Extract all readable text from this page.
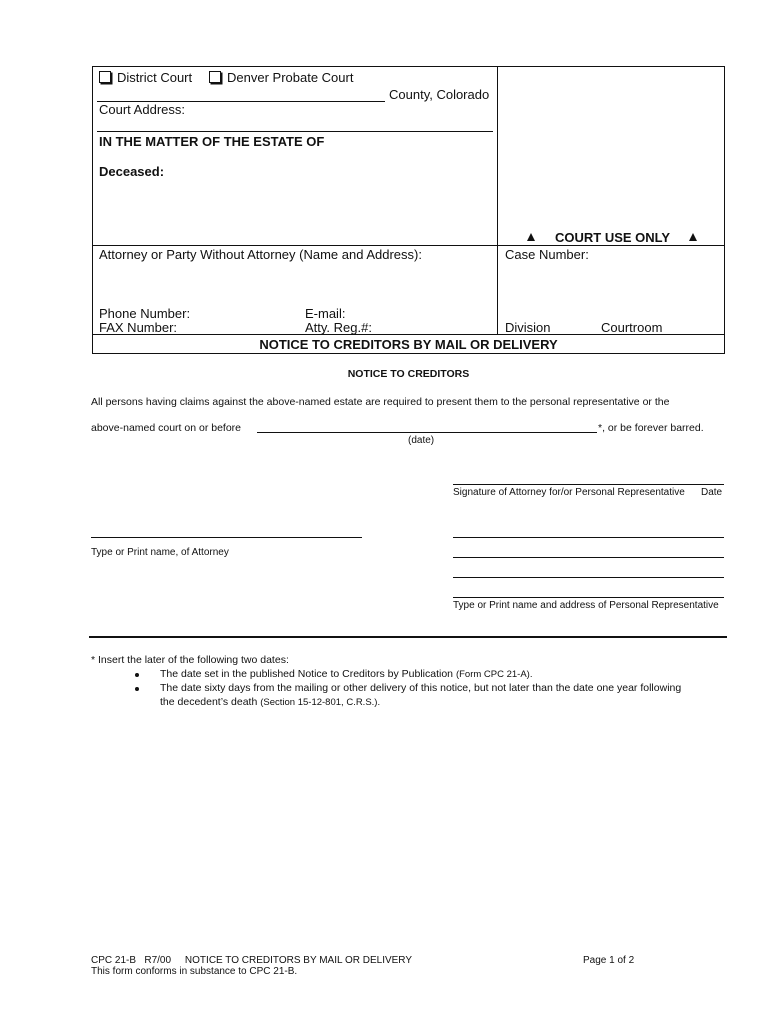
District Court	Denver Probate Court
County, Colorado
Court Address:
IN THE MATTER OF THE ESTATE OF
Deceased:
COURT USE ONLY
Attorney or Party Without Attorney (Name and Address):	Case Number:
Phone Number:	E-mail:
FAX Number:	Atty. Reg.#:	Division	Courtroom
NOTICE TO CREDITORS BY MAIL OR DELIVERY
NOTICE TO CREDITORS
All persons having claims against the above-named estate are required to present them to the personal representative or the
above-named court on or before	*, or be forever barred.
(date)
Signature of Attorney for/or Personal Representative Date
Type or Print name, of Attorney
Type or Print name and address of Personal Representative
* Insert the later of the following two dates:
The date set in the published Notice to Creditors by Publication (Form CPC 21-A).
The date sixty days from the mailing or other delivery of this notice, but not later than the date one year following
the decedent’s death (Section 15-12-801, C.R.S.).
CPC 21-B   R7/00     NOTICE TO CREDITORS BY MAIL OR DELIVERY	Page 1 of 2
This form conforms in substance to CPC 21-B.
